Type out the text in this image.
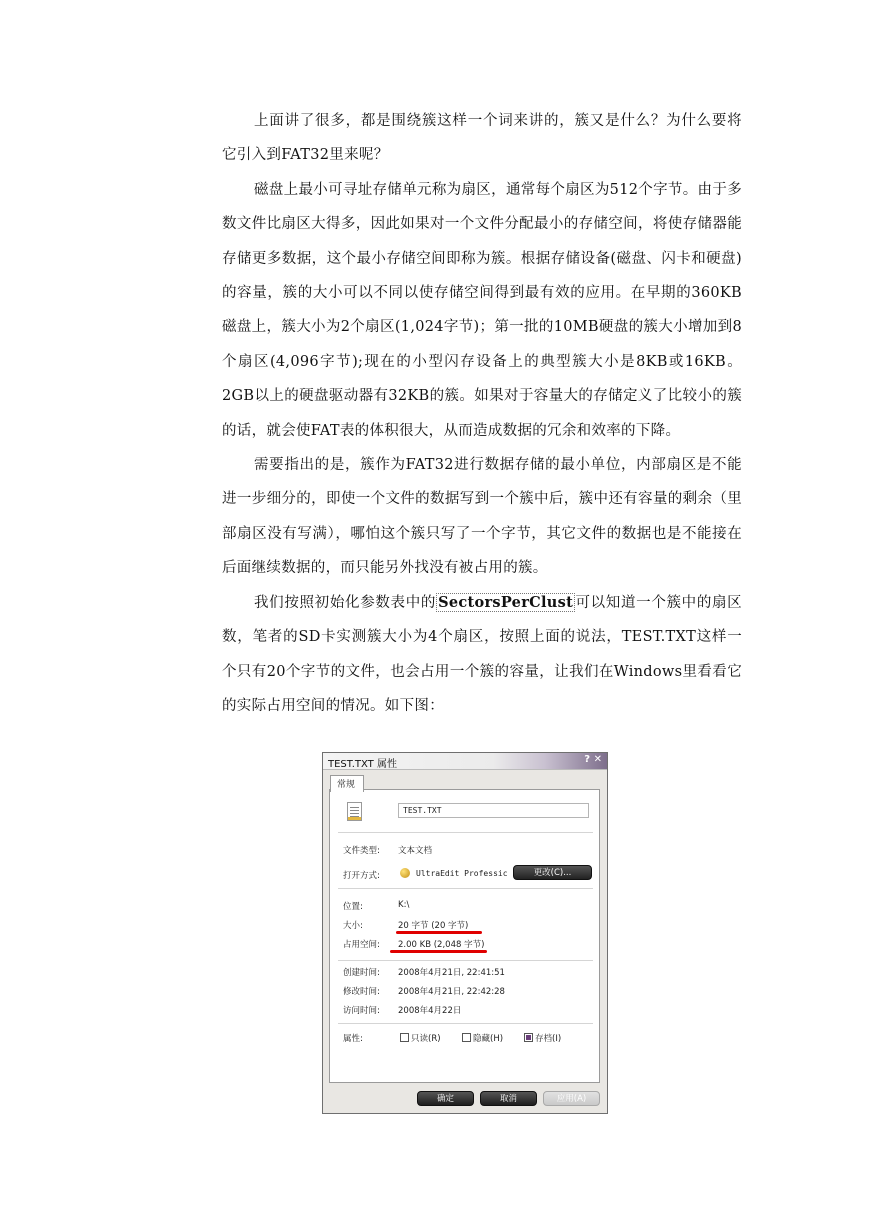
上面讲了很多，都是围绕簇这样一个词来讲的，簇又是什么？为什么要将它引入到FAT32里来呢？

磁盘上最小可寻址存储单元称为扇区，通常每个扇区为512个字节。由于多数文件比扇区大得多，因此如果对一个文件分配最小的存储空间，将使存储器能存储更多数据，这个最小存储空间即称为簇。根据存储设备(磁盘、闪卡和硬盘)的容量，簇的大小可以不同以使存储空间得到最有效的应用。在早期的360KB磁盘上，簇大小为2个扇区(1,024字节)；第一批的10MB硬盘的簇大小增加到8个扇区(4,096字节);现在的小型闪存设备上的典型簇大小是8KB或16KB。2GB以上的硬盘驱动器有32KB的簇。如果对于容量大的存储定义了比较小的簇的话，就会使FAT表的体积很大，从而造成数据的冗余和效率的下降。

需要指出的是，簇作为FAT32进行数据存储的最小单位，内部扇区是不能进一步细分的，即使一个文件的数据写到一个簇中后，簇中还有容量的剩余（里部扇区没有写满），哪怕这个簇只写了一个字节，其它文件的数据也是不能接在后面继续数据的，而只能另外找没有被占用的簇。

我们按照初始化参数表中的 SectorsPerClust 可以知道一个簇中的扇区数，笔者的SD卡实测簇大小为4个扇区，按照上面的说法，TEST.TXT这样一个只有20个字节的文件，也会占用一个簇的容量，让我们在Windows里看看它的实际占用空间的情况。如下图：

TEST.TXT 属性	? ✕
常规
TEST.TXT
文件类型: 文本文档
打开方式:	UltraEdit Professic	更改(C)...
位置:	K:\
大小:	20 字节 (20 字节)
占用空间: 2.00 KB (2,048 字节)
创建时间: 2008年4月21日, 22:41:51
修改时间: 2008年4月21日, 22:42:28
访问时间: 2008年4月22日
属性:	只读(R)	隐藏(H)	存档(I)
确定	取消	应用(A)
